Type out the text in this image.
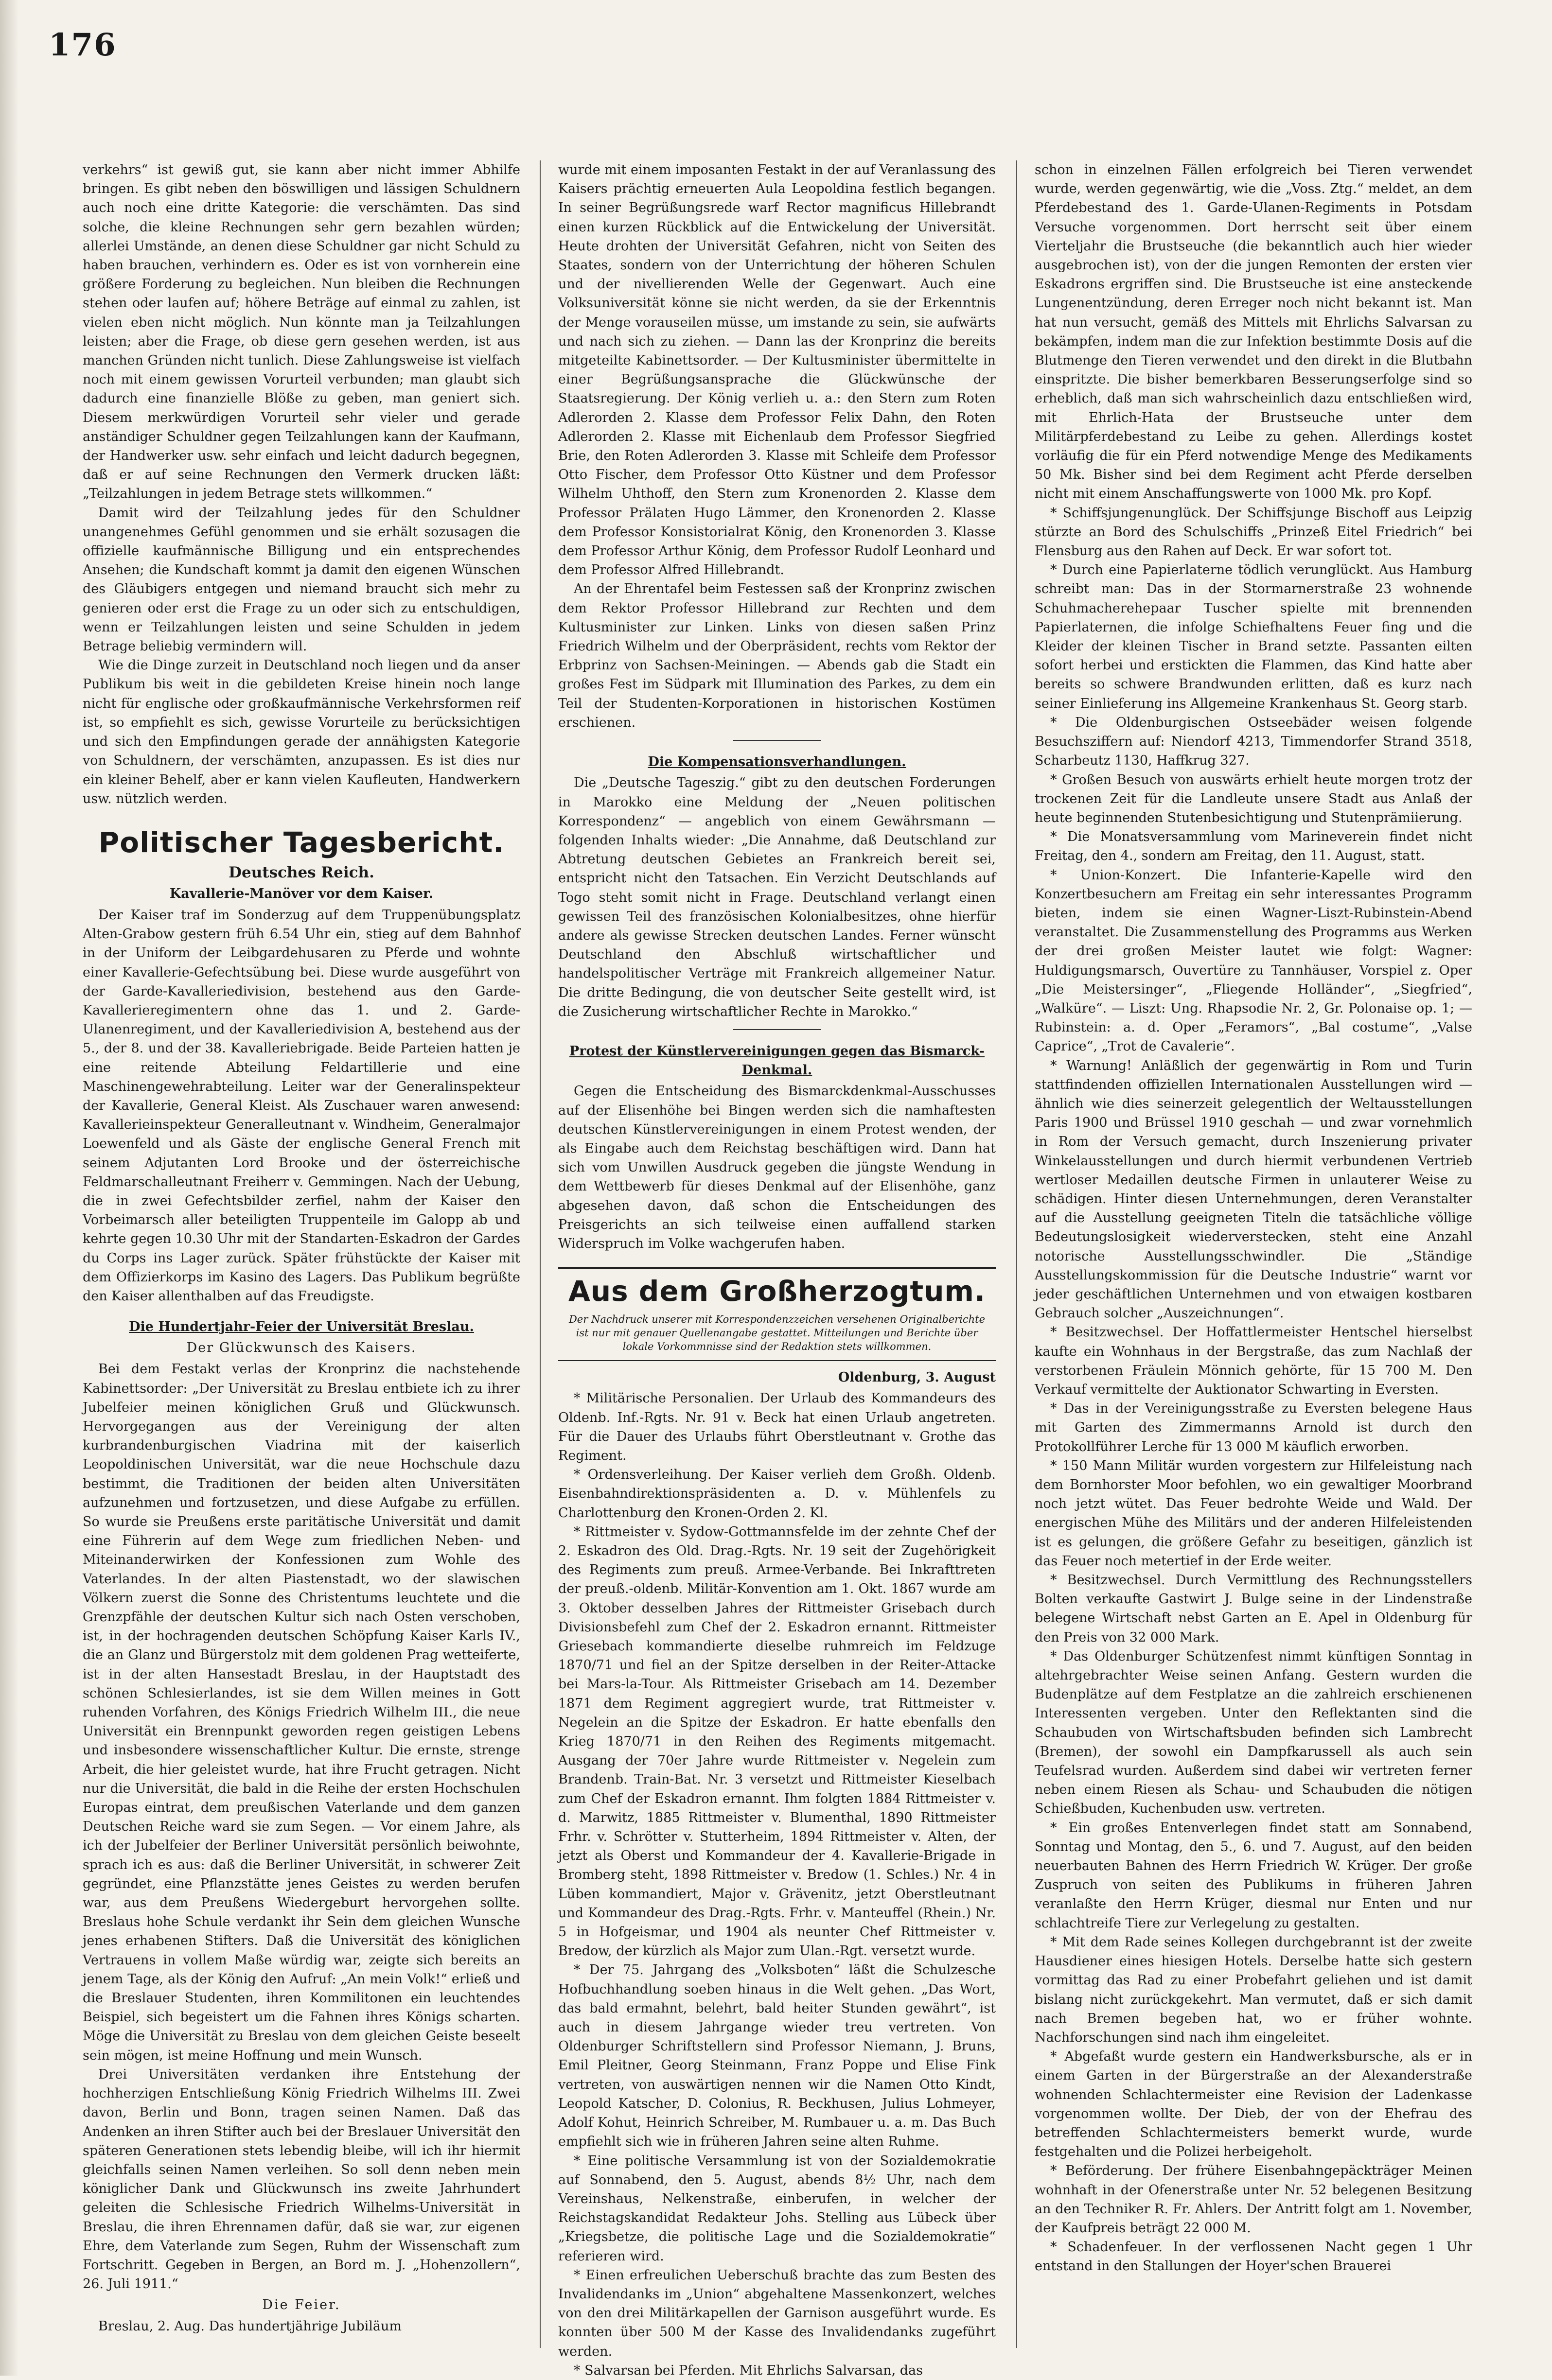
176

verkehrs“ ist gewiß gut, sie kann aber nicht immer Abhilfe bringen. Es gibt neben den böswilligen und lässigen Schuldnern auch noch eine dritte Kategorie: die verschämten. Das sind solche, die kleine Rechnungen sehr gern bezahlen würden; allerlei Umstände, an denen diese Schuldner gar nicht Schuld zu haben brauchen, verhindern es. Oder es ist von vornherein eine größere Forderung zu begleichen. Nun bleiben die Rechnungen stehen oder laufen auf; höhere Beträge auf einmal zu zahlen, ist vielen eben nicht möglich. Nun könnte man ja Teilzahlungen leisten; aber die Frage, ob diese gern gesehen werden, ist aus manchen Gründen nicht tunlich. Diese Zahlungsweise ist vielfach noch mit einem gewissen Vorurteil verbunden; man glaubt sich dadurch eine finanzielle Blöße zu geben, man geniert sich. Diesem merkwürdigen Vorurteil sehr vieler und gerade anständiger Schuldner gegen Teilzahlungen kann der Kaufmann, der Handwerker usw. sehr einfach und leicht dadurch begegnen, daß er auf seine Rechnungen den Vermerk drucken läßt: „Teilzahlungen in jedem Betrage stets willkommen.“

Damit wird der Teilzahlung jedes für den Schuldner unangenehmes Gefühl genommen und sie erhält sozusagen die offizielle kaufmännische Billigung und ein entsprechendes Ansehen; die Kundschaft kommt ja damit den eigenen Wünschen des Gläubigers entgegen und niemand braucht sich mehr zu genieren oder erst die Frage zu un oder sich zu entschuldigen, wenn er Teilzahlungen leisten und seine Schulden in jedem Betrage beliebig vermindern will.

Wie die Dinge zurzeit in Deutschland noch liegen und da anser Publikum bis weit in die gebildeten Kreise hinein noch lange nicht für englische oder großkaufmännische Verkehrsformen reif ist, so empfiehlt es sich, gewisse Vorurteile zu berücksichtigen und sich den Empfindungen gerade der annähigsten Kategorie von Schuldnern, der verschämten, anzupassen. Es ist dies nur ein kleiner Behelf, aber er kann vielen Kaufleuten, Handwerkern usw. nützlich werden.

Politischer Tagesbericht.
Deutsches Reich.
Kavallerie-Manöver vor dem Kaiser.

Der Kaiser traf im Sonderzug auf dem Truppenübungsplatz Alten-Grabow gestern früh 6.54 Uhr ein, stieg auf dem Bahnhof in der Uniform der Leibgardehusaren zu Pferde und wohnte einer Kavallerie-Gefechtsübung bei. Diese wurde ausgeführt von der Garde-Kavalleriedivision, bestehend aus den Garde-Kavallerieregimentern ohne das 1. und 2. Garde-Ulanenregiment, und der Kavalleriedivision A, bestehend aus der 5., der 8. und der 38. Kavalleriebrigade. Beide Parteien hatten je eine reitende Abteilung Feldartillerie und eine Maschinengewehrabteilung. Leiter war der Generalinspekteur der Kavallerie, General Kleist. Als Zuschauer waren anwesend: Kavallerieinspekteur Generalleutnant v. Windheim, Generalmajor Loewenfeld und als Gäste der englische General French mit seinem Adjutanten Lord Brooke und der österreichische Feldmarschalleutnant Freiherr v. Gemmingen. Nach der Uebung, die in zwei Gefechtsbilder zerfiel, nahm der Kaiser den Vorbeimarsch aller beteiligten Truppenteile im Galopp ab und kehrte gegen 10.30 Uhr mit der Standarten-Eskadron der Gardes du Corps ins Lager zurück. Später frühstückte der Kaiser mit dem Offizierkorps im Kasino des Lagers. Das Publikum begrüßte den Kaiser allenthalben auf das Freudigste.

Die Hundertjahr-Feier der Universität Breslau.
Der Glückwunsch des Kaisers.

Bei dem Festakt verlas der Kronprinz die nachstehende Kabinettsorder: „Der Universität zu Breslau entbiete ich zu ihrer Jubelfeier meinen königlichen Gruß und Glückwunsch. Hervorgegangen aus der Vereinigung der alten kurbrandenburgischen Viadrina mit der kaiserlich Leopoldinischen Universität, war die neue Hochschule dazu bestimmt, die Traditionen der beiden alten Universitäten aufzunehmen und fortzusetzen, und diese Aufgabe zu erfüllen. So wurde sie Preußens erste paritätische Universität und damit eine Führerin auf dem Wege zum friedlichen Neben- und Miteinanderwirken der Konfessionen zum Wohle des Vaterlandes. In der alten Piastenstadt, wo der slawischen Völkern zuerst die Sonne des Christentums leuchtete und die Grenzpfähle der deutschen Kultur sich nach Osten verschoben, ist, in der hochragenden deutschen Schöpfung Kaiser Karls IV., die an Glanz und Bürgerstolz mit dem goldenen Prag wetteiferte, ist in der alten Hansestadt Breslau, in der Hauptstadt des schönen Schlesierlandes, ist sie dem Willen meines in Gott ruhenden Vorfahren, des Königs Friedrich Wilhelm III., die neue Universität ein Brennpunkt geworden regen geistigen Lebens und insbesondere wissenschaftlicher Kultur. Die ernste, strenge Arbeit, die hier geleistet wurde, hat ihre Frucht getragen. Nicht nur die Universität, die bald in die Reihe der ersten Hochschulen Europas eintrat, dem preußischen Vaterlande und dem ganzen Deutschen Reiche ward sie zum Segen. — Vor einem Jahre, als ich der Jubelfeier der Berliner Universität persönlich beiwohnte, sprach ich es aus: daß die Berliner Universität, in schwerer Zeit gegründet, eine Pflanzstätte jenes Geistes zu werden berufen war, aus dem Preußens Wiedergeburt hervorgehen sollte. Breslaus hohe Schule verdankt ihr Sein dem gleichen Wunsche jenes erhabenen Stifters. Daß die Universität des königlichen Vertrauens in vollem Maße würdig war, zeigte sich bereits an jenem Tage, als der König den Aufruf: „An mein Volk!“ erließ und die Breslauer Studenten, ihren Kommilitonen ein leuchtendes Beispiel, sich begeistert um die Fahnen ihres Königs scharten. Möge die Universität zu Breslau von dem gleichen Geiste beseelt sein mögen, ist meine Hoffnung und mein Wunsch.

Drei Universitäten verdanken ihre Entstehung der hochherzigen Entschließung König Friedrich Wilhelms III. Zwei davon, Berlin und Bonn, tragen seinen Namen. Daß das Andenken an ihren Stifter auch bei der Breslauer Universität den späteren Generationen stets lebendig bleibe, will ich ihr hiermit gleichfalls seinen Namen verleihen. So soll denn neben mein königlicher Dank und Glückwunsch ins zweite Jahrhundert geleiten die Schlesische Friedrich Wilhelms-Universität in Breslau, die ihren Ehrennamen dafür, daß sie war, zur eigenen Ehre, dem Vaterlande zum Segen, Ruhm der Wissenschaft zum Fortschritt. Gegeben in Bergen, an Bord m. J. „Hohenzollern“, 26. Juli 1911.“

Die Feier.

Breslau, 2. Aug. Das hundertjährige Jubiläum

wurde mit einem imposanten Festakt in der auf Veranlassung des Kaisers prächtig erneuerten Aula Leopoldina festlich begangen. In seiner Begrüßungsrede warf Rector magnificus Hillebrandt einen kurzen Rückblick auf die Entwickelung der Universität. Heute drohten der Universität Gefahren, nicht von Seiten des Staates, sondern von der Unterrichtung der höheren Schulen und der nivellierenden Welle der Gegenwart. Auch eine Volksuniversität könne sie nicht werden, da sie der Erkenntnis der Menge vorauseilen müsse, um imstande zu sein, sie aufwärts und nach sich zu ziehen. — Dann las der Kronprinz die bereits mitgeteilte Kabinettsorder. — Der Kultusminister übermittelte in einer Begrüßungsansprache die Glückwünsche der Staatsregierung. Der König verlieh u. a.: den Stern zum Roten Adlerorden 2. Klasse dem Professor Felix Dahn, den Roten Adlerorden 2. Klasse mit Eichenlaub dem Professor Siegfried Brie, den Roten Adlerorden 3. Klasse mit Schleife dem Professor Otto Fischer, dem Professor Otto Küstner und dem Professor Wilhelm Uhthoff, den Stern zum Kronenorden 2. Klasse dem Professor Prälaten Hugo Lämmer, den Kronenorden 2. Klasse dem Professor Konsistorialrat König, den Kronenorden 3. Klasse dem Professor Arthur König, dem Professor Rudolf Leonhard und dem Professor Alfred Hillebrandt.

An der Ehrentafel beim Festessen saß der Kronprinz zwischen dem Rektor Professor Hillebrand zur Rechten und dem Kultusminister zur Linken. Links von diesen saßen Prinz Friedrich Wilhelm und der Oberpräsident, rechts vom Rektor der Erbprinz von Sachsen-Meiningen. — Abends gab die Stadt ein großes Fest im Südpark mit Illumination des Parkes, zu dem ein Teil der Studenten-Korporationen in historischen Kostümen erschienen.

Die Kompensationsverhandlungen.

Die „Deutsche Tageszig.“ gibt zu den deutschen Forderungen in Marokko eine Meldung der „Neuen politischen Korrespondenz“ — angeblich von einem Gewährsmann — folgenden Inhalts wieder: „Die Annahme, daß Deutschland zur Abtretung deutschen Gebietes an Frankreich bereit sei, entspricht nicht den Tatsachen. Ein Verzicht Deutschlands auf Togo steht somit nicht in Frage. Deutschland verlangt einen gewissen Teil des französischen Kolonialbesitzes, ohne hierfür andere als gewisse Strecken deutschen Landes. Ferner wünscht Deutschland den Abschluß wirtschaftlicher und handelspolitischer Verträge mit Frankreich allgemeiner Natur. Die dritte Bedingung, die von deutscher Seite gestellt wird, ist die Zusicherung wirtschaftlicher Rechte in Marokko.“

Protest der Künstlervereinigungen gegen das Bismarck-Denkmal.

Gegen die Entscheidung des Bismarckdenkmal-Ausschusses auf der Elisenhöhe bei Bingen werden sich die namhaftesten deutschen Künstlervereinigungen in einem Protest wenden, der als Eingabe auch dem Reichstag beschäftigen wird. Dann hat sich vom Unwillen Ausdruck gegeben die jüngste Wendung in dem Wettbewerb für dieses Denkmal auf der Elisenhöhe, ganz abgesehen davon, daß schon die Entscheidungen des Preisgerichts an sich teilweise einen auffallend starken Widerspruch im Volke wachgerufen haben.

Aus dem Großherzogtum.
Der Nachdruck unserer mit Korrespondenzzeichen versehenen Originalberichte ist nur mit genauer Quellenangabe gestattet. Mitteilungen und Berichte über lokale Vorkommnisse sind der Redaktion stets willkommen.
Oldenburg, 3. August

* Militärische Personalien. Der Urlaub des Kommandeurs des Oldenb. Inf.-Rgts. Nr. 91 v. Beck hat einen Urlaub angetreten. Für die Dauer des Urlaubs führt Oberstleutnant v. Grothe das Regiment.

* Ordensverleihung. Der Kaiser verlieh dem Großh. Oldenb. Eisenbahndirektionspräsidenten a. D. v. Mühlenfels zu Charlottenburg den Kronen-Orden 2. Kl.

* Rittmeister v. Sydow-Gottmannsfelde im der zehnte Chef der 2. Eskadron des Old. Drag.-Rgts. Nr. 19 seit der Zugehörigkeit des Regiments zum preuß. Armee-Verbande. Bei Inkrafttreten der preuß.-oldenb. Militär-Konvention am 1. Okt. 1867 wurde am 3. Oktober desselben Jahres der Rittmeister Grisebach durch Divisionsbefehl zum Chef der 2. Eskadron ernannt. Rittmeister Griesebach kommandierte dieselbe ruhmreich im Feldzuge 1870/71 und fiel an der Spitze derselben in der Reiter-Attacke bei Mars-la-Tour. Als Rittmeister Grisebach am 14. Dezember 1871 dem Regiment aggregiert wurde, trat Rittmeister v. Negelein an die Spitze der Eskadron. Er hatte ebenfalls den Krieg 1870/71 in den Reihen des Regiments mitgemacht. Ausgang der 70er Jahre wurde Rittmeister v. Negelein zum Brandenb. Train-Bat. Nr. 3 versetzt und Rittmeister Kieselbach zum Chef der Eskadron ernannt. Ihm folgten 1884 Rittmeister v. d. Marwitz, 1885 Rittmeister v. Blumenthal, 1890 Rittmeister Frhr. v. Schrötter v. Stutterheim, 1894 Rittmeister v. Alten, der jetzt als Oberst und Kommandeur der 4. Kavallerie-Brigade in Bromberg steht, 1898 Rittmeister v. Bredow (1. Schles.) Nr. 4 in Lüben kommandiert, Major v. Grävenitz, jetzt Oberstleutnant und Kommandeur des Drag.-Rgts. Frhr. v. Manteuffel (Rhein.) Nr. 5 in Hofgeismar, und 1904 als neunter Chef Rittmeister v. Bredow, der kürzlich als Major zum Ulan.-Rgt. versetzt wurde.

* Der 75. Jahrgang des „Volksboten“ läßt die Schulzesche Hofbuchhandlung soeben hinaus in die Welt gehen. „Das Wort, das bald ermahnt, belehrt, bald heiter Stunden gewährt“, ist auch in diesem Jahrgange wieder treu vertreten. Von Oldenburger Schriftstellern sind Professor Niemann, J. Bruns, Emil Pleitner, Georg Steinmann, Franz Poppe und Elise Fink vertreten, von auswärtigen nennen wir die Namen Otto Kindt, Leopold Katscher, D. Colonius, R. Beckhusen, Julius Lohmeyer, Adolf Kohut, Heinrich Schreiber, M. Rumbauer u. a. m. Das Buch empfiehlt sich wie in früheren Jahren seine alten Ruhme.

* Eine politische Versammlung ist von der Sozialdemokratie auf Sonnabend, den 5. August, abends 8½ Uhr, nach dem Vereinshaus, Nelkenstraße, einberufen, in welcher der Reichstagskandidat Redakteur Johs. Stelling aus Lübeck über „Kriegsbetze, die politische Lage und die Sozialdemokratie“ referieren wird.

* Einen erfreulichen Ueberschuß brachte das zum Besten des Invalidendanks im „Union“ abgehaltene Massenkonzert, welches von den drei Militärkapellen der Garnison ausgeführt wurde. Es konnten über 500 M der Kasse des Invalidendanks zugeführt werden.

* Salvarsan bei Pferden. Mit Ehrlichs Salvarsan, das

schon in einzelnen Fällen erfolgreich bei Tieren verwendet wurde, werden gegenwärtig, wie die „Voss. Ztg.“ meldet, an dem Pferdebestand des 1. Garde-Ulanen-Regiments in Potsdam Versuche vorgenommen. Dort herrscht seit über einem Vierteljahr die Brustseuche (die bekanntlich auch hier wieder ausgebrochen ist), von der die jungen Remonten der ersten vier Eskadrons ergriffen sind. Die Brustseuche ist eine ansteckende Lungenentzündung, deren Erreger noch nicht bekannt ist. Man hat nun versucht, gemäß des Mittels mit Ehrlichs Salvarsan zu bekämpfen, indem man die zur Infektion bestimmte Dosis auf die Blutmenge den Tieren verwendet und den direkt in die Blutbahn einspritzte. Die bisher bemerkbaren Besserungserfolge sind so erheblich, daß man sich wahrscheinlich dazu entschließen wird, mit Ehrlich-Hata der Brustseuche unter dem Militärpferdebestand zu Leibe zu gehen. Allerdings kostet vorläufig die für ein Pferd notwendige Menge des Medikaments 50 Mk. Bisher sind bei dem Regiment acht Pferde derselben nicht mit einem Anschaffungswerte von 1000 Mk. pro Kopf.

* Schiffsjungenunglück. Der Schiffsjunge Bischoff aus Leipzig stürzte an Bord des Schulschiffs „Prinzeß Eitel Friedrich“ bei Flensburg aus den Rahen auf Deck. Er war sofort tot.

* Durch eine Papierlaterne tödlich verunglückt. Aus Hamburg schreibt man: Das in der Stormarnerstraße 23 wohnende Schuhmacherehepaar Tuscher spielte mit brennenden Papierlaternen, die infolge Schiefhaltens Feuer fing und die Kleider der kleinen Tischer in Brand setzte. Passanten eilten sofort herbei und erstickten die Flammen, das Kind hatte aber bereits so schwere Brandwunden erlitten, daß es kurz nach seiner Einlieferung ins Allgemeine Krankenhaus St. Georg starb.

* Die Oldenburgischen Ostseebäder weisen folgende Besuchsziffern auf: Niendorf 4213, Timmendorfer Strand 3518, Scharbeutz 1130, Haffkrug 327.

* Großen Besuch von auswärts erhielt heute morgen trotz der trockenen Zeit für die Landleute unsere Stadt aus Anlaß der heute beginnenden Stutenbesichtigung und Stutenprämiierung.

* Die Monatsversammlung vom Marineverein findet nicht Freitag, den 4., sondern am Freitag, den 11. August, statt.

* Union-Konzert. Die Infanterie-Kapelle wird den Konzertbesuchern am Freitag ein sehr interessantes Programm bieten, indem sie einen Wagner-Liszt-Rubinstein-Abend veranstaltet. Die Zusammenstellung des Programms aus Werken der drei großen Meister lautet wie folgt: Wagner: Huldigungsmarsch, Ouvertüre zu Tannhäuser, Vorspiel z. Oper „Die Meistersinger“, „Fliegende Holländer“, „Siegfried“, „Walküre“. — Liszt: Ung. Rhapsodie Nr. 2, Gr. Polonaise op. 1; — Rubinstein: a. d. Oper „Feramors“, „Bal costume“, „Valse Caprice“, „Trot de Cavalerie“.

* Warnung! Anläßlich der gegenwärtig in Rom und Turin stattfindenden offiziellen Internationalen Ausstellungen wird — ähnlich wie dies seinerzeit gelegentlich der Weltausstellungen Paris 1900 und Brüssel 1910 geschah — und zwar vornehmlich in Rom der Versuch gemacht, durch Inszenierung privater Winkelausstellungen und durch hiermit verbundenen Vertrieb wertloser Medaillen deutsche Firmen in unlauterer Weise zu schädigen. Hinter diesen Unternehmungen, deren Veranstalter auf die Ausstellung geeigneten Titeln die tatsächliche völlige Bedeutungslosigkeit wiederverstecken, steht eine Anzahl notorische Ausstellungsschwindler. Die „Ständige Ausstellungskommission für die Deutsche Industrie“ warnt vor jeder geschäftlichen Unternehmen und von etwaigen kostbaren Gebrauch solcher „Auszeichnungen“.

* Besitzwechsel. Der Hoffattlermeister Hentschel hierselbst kaufte ein Wohnhaus in der Bergstraße, das zum Nachlaß der verstorbenen Fräulein Mönnich gehörte, für 15 700 M. Den Verkauf vermittelte der Auktionator Schwarting in Eversten.

* Das in der Vereinigungsstraße zu Eversten belegene Haus mit Garten des Zimmermanns Arnold ist durch den Protokollführer Lerche für 13 000 M käuflich erworben.

* 150 Mann Militär wurden vorgestern zur Hilfeleistung nach dem Bornhorster Moor befohlen, wo ein gewaltiger Moorbrand noch jetzt wütet. Das Feuer bedrohte Weide und Wald. Der energischen Mühe des Militärs und der anderen Hilfeleistenden ist es gelungen, die größere Gefahr zu beseitigen, gänzlich ist das Feuer noch metertief in der Erde weiter.

* Besitzwechsel. Durch Vermittlung des Rechnungsstellers Bolten verkaufte Gastwirt J. Bulge seine in der Lindenstraße belegene Wirtschaft nebst Garten an E. Apel in Oldenburg für den Preis von 32 000 Mark.

* Das Oldenburger Schützenfest nimmt künftigen Sonntag in altehrgebrachter Weise seinen Anfang. Gestern wurden die Budenplätze auf dem Festplatze an die zahlreich erschienenen Interessenten vergeben. Unter den Reflektanten sind die Schaubuden von Wirtschaftsbuden befinden sich Lambrecht (Bremen), der sowohl ein Dampfkarussell als auch sein Teufelsrad wurden. Außerdem sind dabei wir vertreten ferner neben einem Riesen als Schau- und Schaubuden die nötigen Schießbuden, Kuchenbuden usw. vertreten.

* Ein großes Entenverlegen findet statt am Sonnabend, Sonntag und Montag, den 5., 6. und 7. August, auf den beiden neuerbauten Bahnen des Herrn Friedrich W. Krüger. Der große Zuspruch von seiten des Publikums in früheren Jahren veranlaßte den Herrn Krüger, diesmal nur Enten und nur schlachtreife Tiere zur Verlegelung zu gestalten.

* Mit dem Rade seines Kollegen durchgebrannt ist der zweite Hausdiener eines hiesigen Hotels. Derselbe hatte sich gestern vormittag das Rad zu einer Probefahrt geliehen und ist damit bislang nicht zurückgekehrt. Man vermutet, daß er sich damit nach Bremen begeben hat, wo er früher wohnte. Nachforschungen sind nach ihm eingeleitet.

* Abgefaßt wurde gestern ein Handwerksbursche, als er in einem Garten in der Bürgerstraße an der Alexanderstraße wohnenden Schlachtermeister eine Revision der Ladenkasse vorgenommen wollte. Der Dieb, der von der Ehefrau des betreffenden Schlachtermeisters bemerkt wurde, wurde festgehalten und die Polizei herbeigeholt.

* Beförderung. Der frühere Eisenbahngepäckträger Meinen wohnhaft in der Ofenerstraße unter Nr. 52 belegenen Besitzung an den Techniker R. Fr. Ahlers. Der Antritt folgt am 1. November, der Kaufpreis beträgt 22 000 M.

* Schadenfeuer. In der verflossenen Nacht gegen 1 Uhr entstand in den Stallungen der Hoyer'schen Brauerei
